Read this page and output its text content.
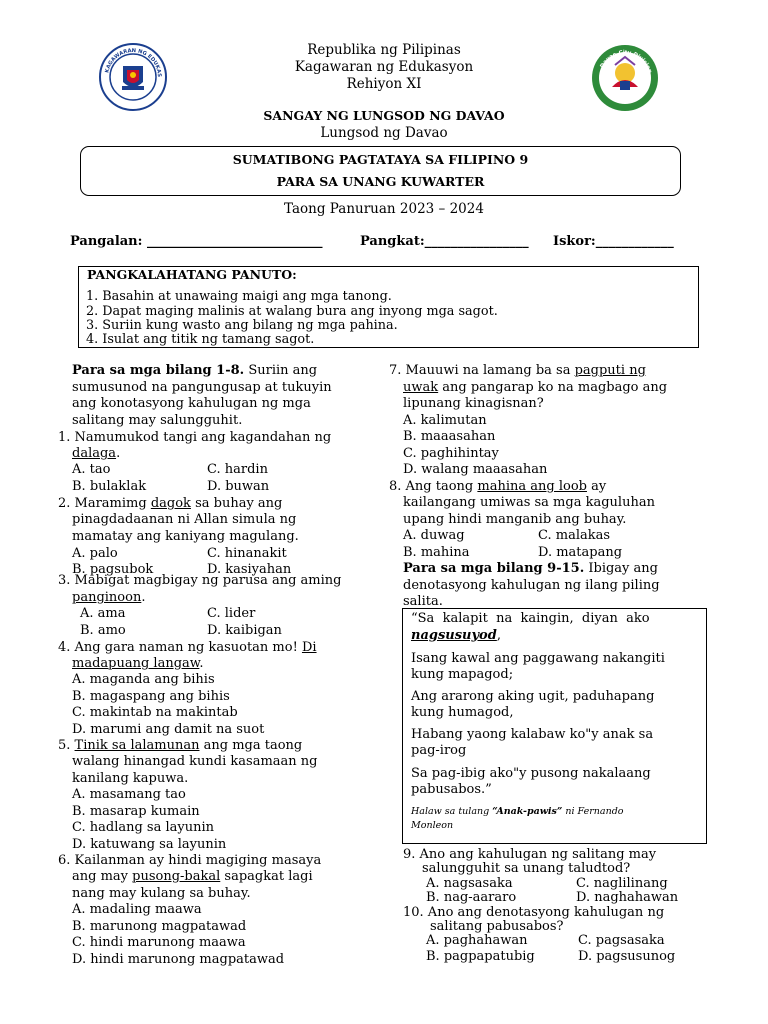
Republika ng Pilipinas
Kagawaran ng Edukasyon
Rehiyon XI
SANGAY NG LUNGSOD NG DAVAO
Lungsod ng Davao
KAGAWARAN NG EDUKAS
Davao City Division
SUMATIBONG PAGTATAYA SA FILIPINO 9
PARA SA UNANG KUWARTER
Taong Panuruan 2023 – 2024
Pangalan: ___________________________	Pangkat:________________ Iskor:____________
PANGKALAHATANG PANUTO:
1. Basahin at unawaing maigi ang mga tanong.
2. Dapat maging malinis at walang bura ang inyong mga sagot.
3. Suriin kung wasto ang bilang ng mga pahina.
4. Isulat ang titik ng tamang sagot.
Para sa mga bilang 1-8. Suriin ang
sumusunod na pangungusap at tukuyin
ang konotasyong kahulugan ng mga
salitang may salungguhit.
1. Namumukod tangi ang kagandahan ng
dalaga.
A. tao	C. hardin
B. bulaklak	D. buwan
2. Maramimg dagok sa buhay ang
pinagdadaanan ni Allan simula ng
mamatay ang kaniyang magulang.
A. palo	C. hinanakit
B. pagsubok	D. kasiyahan
3. Mabigat magbigay ng parusa ang aming
panginoon.
A. ama	C. lider
B. amo	D. kaibigan
4. Ang gara naman ng kasuotan mo! Di
madapuang langaw.
A. maganda ang bihis
B. magaspang ang bihis
C. makintab na makintab
D. marumi ang damit na suot
5. Tinik sa lalamunan ang mga taong
walang hinangad kundi kasamaan ng
kanilang kapuwa.
A. masamang tao
B. masarap kumain
C. hadlang sa layunin
D. katuwang sa layunin
6. Kailanman ay hindi magiging masaya
ang may pusong-bakal sapagkat lagi
nang may kulang sa buhay.
A. madaling maawa
B. marunong magpatawad
C. hindi marunong maawa
D. hindi marunong magpatawad
7. Mauuwi na lamang ba sa pagputi ng
uwak ang pangarap ko na magbago ang
lipunang kinagisnan?
A. kalimutan
B. maaasahan
C. paghihintay
D. walang maaasahan
8. Ang taong mahina ang loob ay
kailangang umiwas sa mga kaguluhan
upang hindi manganib ang buhay.
A. duwag	C. malakas
B. mahina	D. matapang
Para sa mga bilang 9-15. Ibigay ang
denotasyong kahulugan ng ilang piling
salita.
“Sa  kalapit  na  kaingin,  diyan  ako
nagsusuyod,
Isang kawal ang paggawang nakangiti
kung mapagod;
Ang ararong aking ugit, paduhapang
kung humagod,
Habang yaong kalabaw ko"y anak sa
pag-irog
Sa pag-ibig ako"y pusong nakalaang
pabusabos.”
Halaw sa tulang “Anak-pawis” ni Fernando
Monleon
9. Ano ang kahulugan ng salitang may
salungguhit sa unang taludtod?
A. nagsasaka	C. naglilinang
B. nag-aararo	D. naghahawan
10. Ano ang denotasyong kahulugan ng
salitang pabusabos?
A. paghahawan	C. pagsasaka
B. pagpapatubig	D. pagsusunog
